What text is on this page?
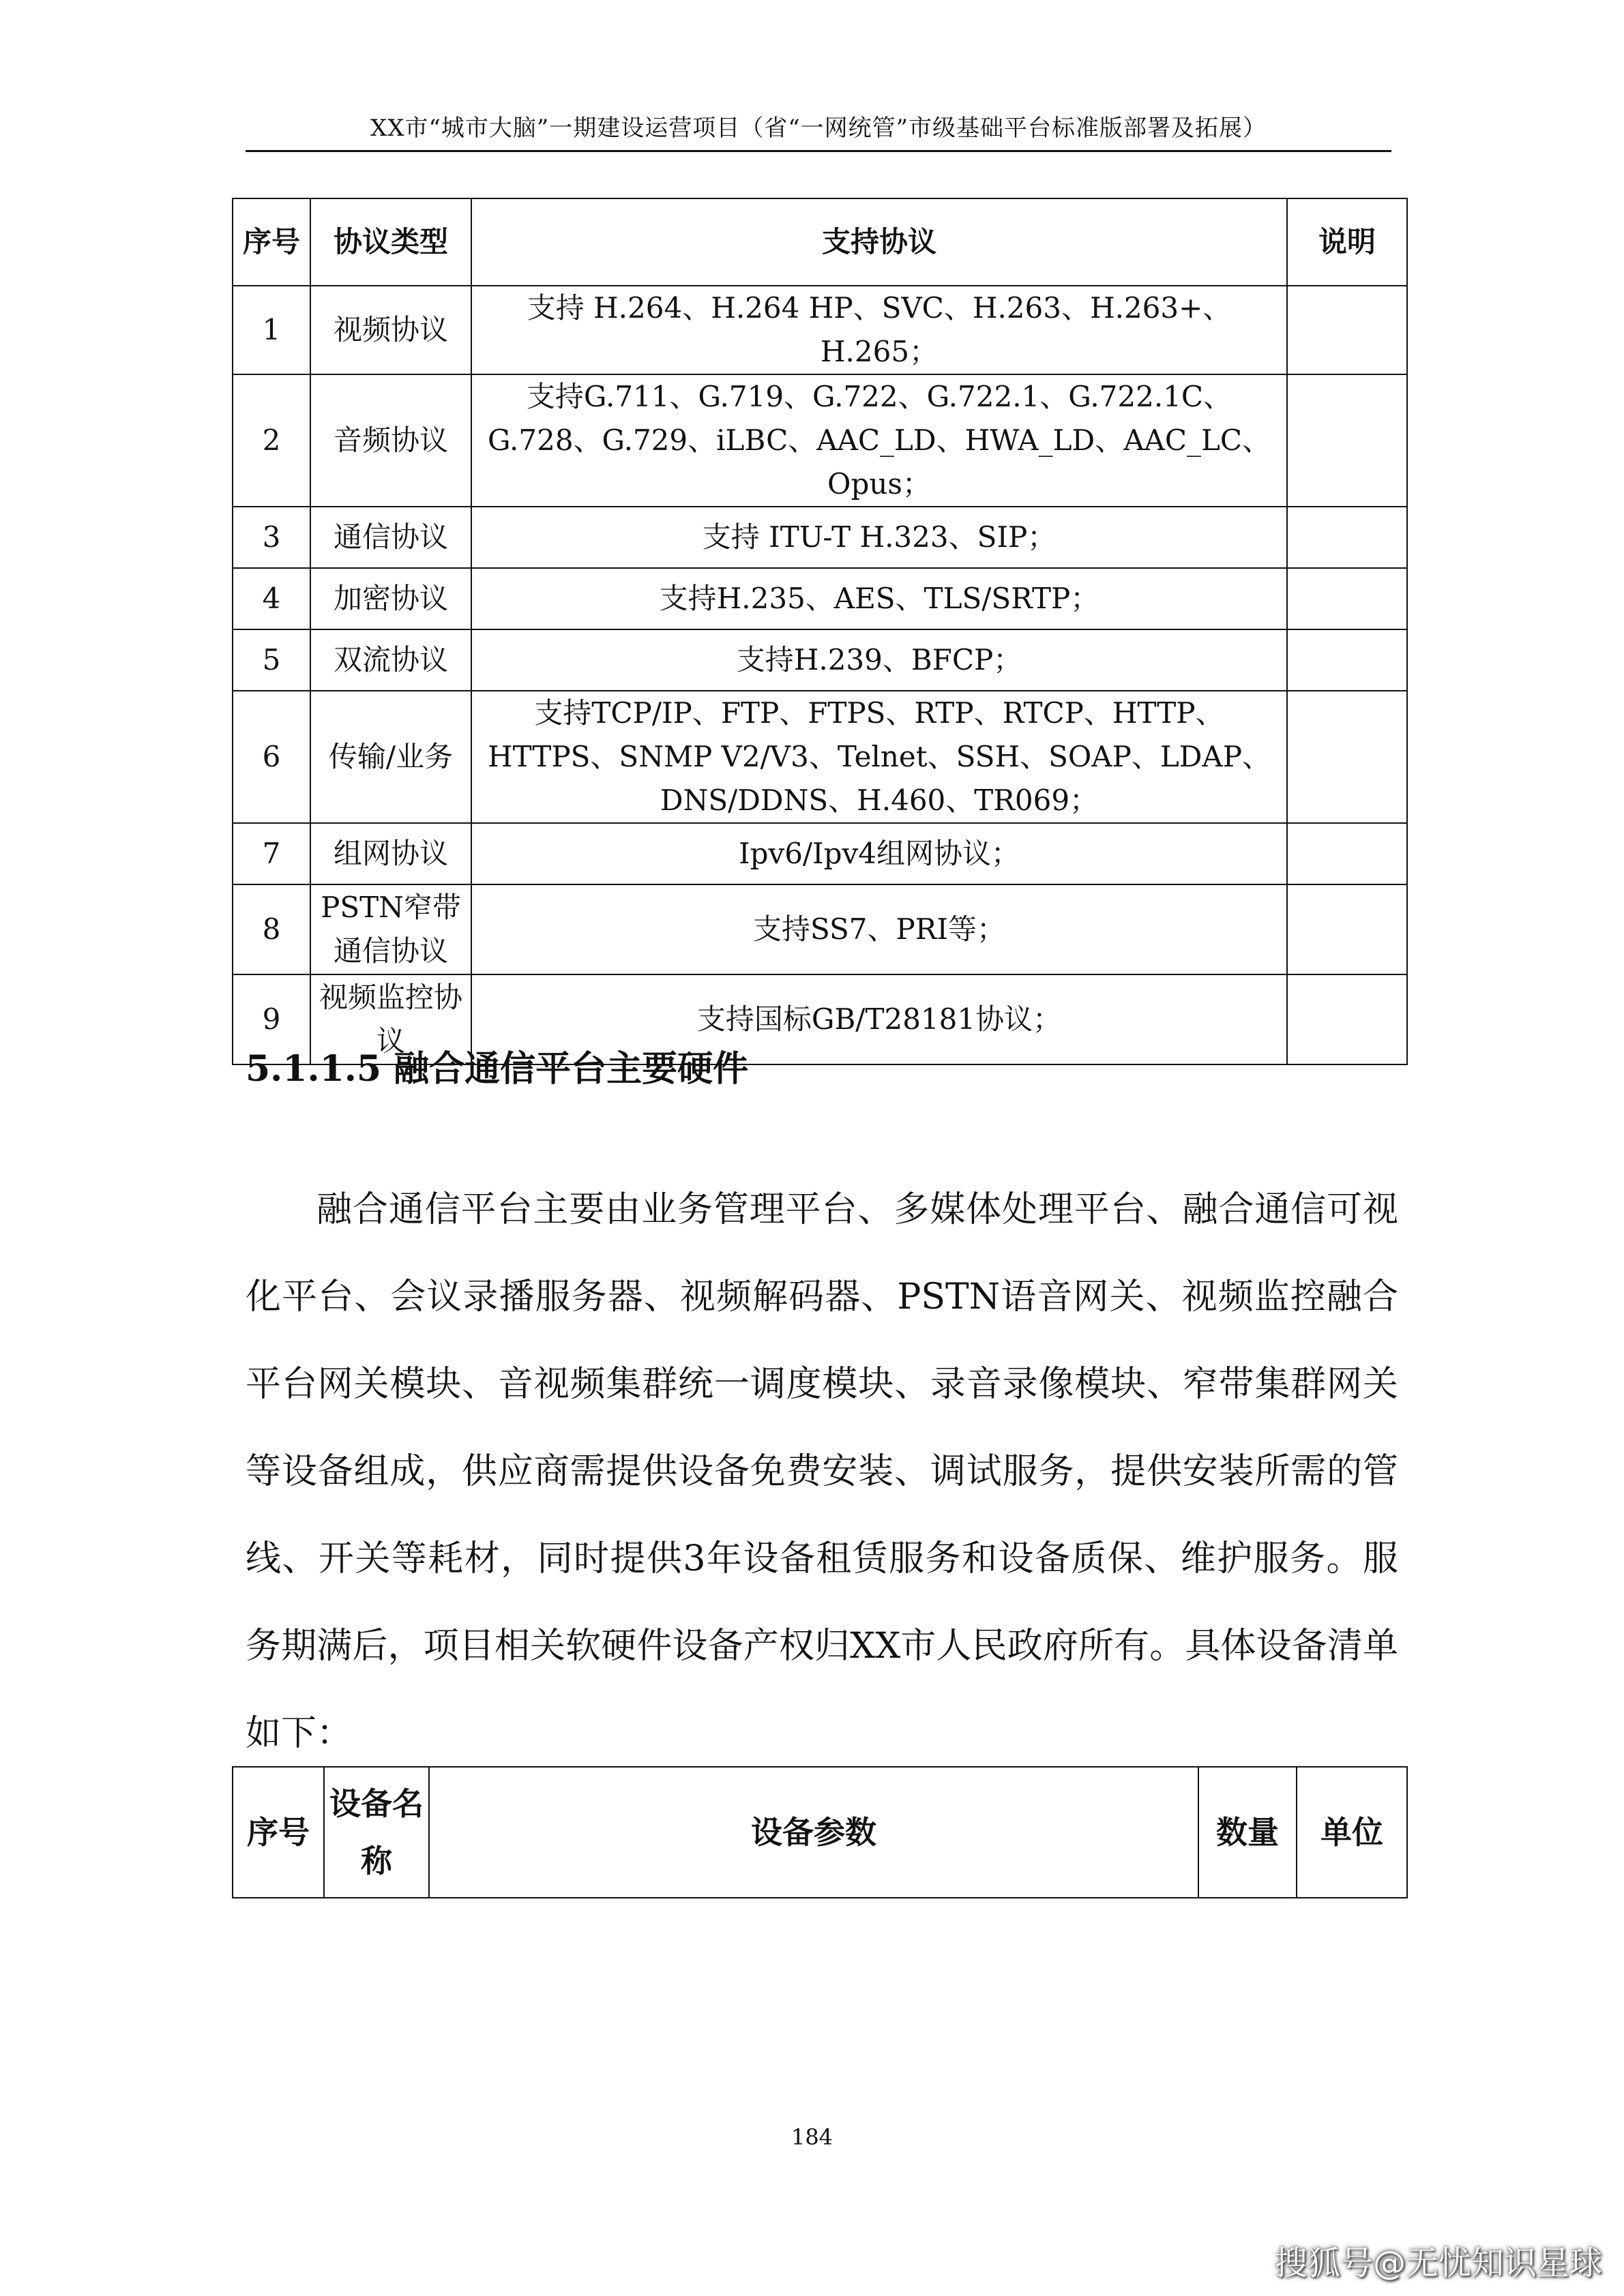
XX市“城市大脑”一期建设运营项目（省“一网统管”市级基础平台标准版部署及拓展）
序号	协议类型	支持协议	说明
1	视频协议	支持 H.264、H.264 HP、SVC、H.263、H.263+、H.265；	
2	音频协议	支持G.711、G.719、G.722、G.722.1、G.722.1C、G.728、G.729、iLBC、AAC_LD、HWA_LD、AAC_LC、Opus；	
3	通信协议	支持 ITU-T H.323、SIP；	
4	加密协议	支持H.235、AES、TLS/SRTP；	
5	双流协议	支持H.239、BFCP；	
6	传输/业务	支持TCP/IP、FTP、FTPS、RTP、RTCP、HTTP、HTTPS、SNMP V2/V3、Telnet、SSH、SOAP、LDAP、DNS/DDNS、H.460、TR069；	
7	组网协议	Ipv6/Ipv4组网协议；	
8	PSTN窄带通信协议	支持SS7、PRI等；	
9	视频监控协议	支持国标GB/T28181协议；	
5.1.1.5 融合通信平台主要硬件

融合通信平台主要由业务管理平台、多媒体处理平台、融合通信可视化平台、会议录播服务器、视频解码器、PSTN语音网关、视频监控融合平台网关模块、音视频集群统一调度模块、录音录像模块、窄带集群网关等设备组成，供应商需提供设备免费安装、调试服务，提供安装所需的管线、开关等耗材，同时提供3年设备租赁服务和设备质保、维护服务。服务期满后，项目相关软硬件设备产权归XX市人民政府所有。具体设备清单如下：

序号	设备名称	设备参数	数量	单位
184
搜狐号@无忧知识星球
